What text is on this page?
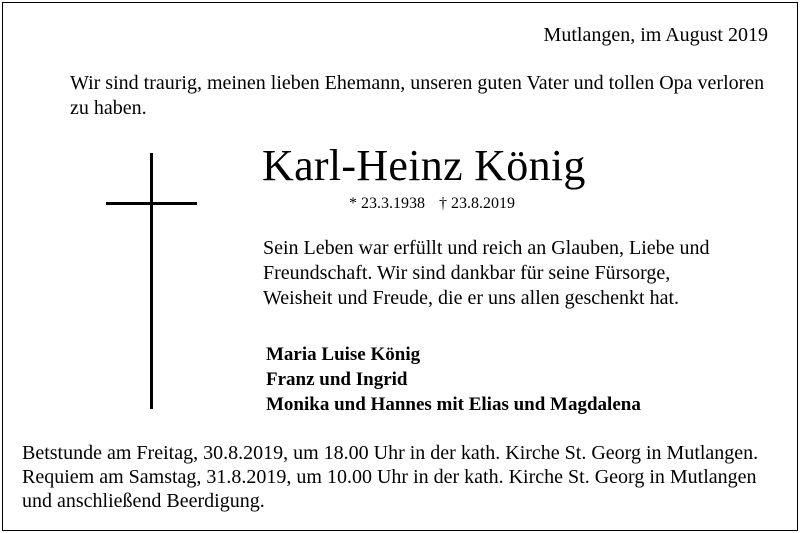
Mutlangen, im August 2019
Wir sind traurig, meinen lieben Ehemann, unseren guten Vater und tollen Opa verloren zu haben.
Karl-Heinz König
* 23.3.1938 † 23.8.2019
Sein Leben war erfüllt und reich an Glauben, Liebe und Freundschaft. Wir sind dankbar für seine Fürsorge, Weisheit und Freude, die er uns allen geschenkt hat.
Maria Luise König
Franz und Ingrid
Monika und Hannes mit Elias und Magdalena
Betstunde am Freitag, 30.8.2019, um 18.00 Uhr in der kath. Kirche St. Georg in Mutlangen.
Requiem am Samstag, 31.8.2019, um 10.00 Uhr in der kath. Kirche St. Georg in Mutlangen
und anschließend Beerdigung.
